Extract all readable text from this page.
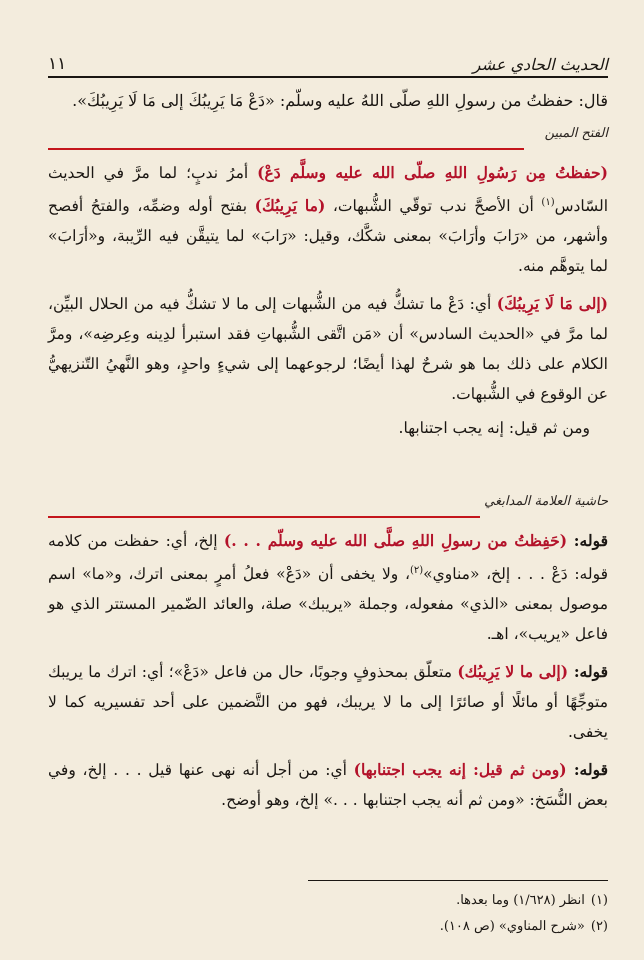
الحديث الحادي عشر
١١
قال: حفظتُ من رسولِ اللهِ صلّى اللهُ عليه وسلّم: «دَعْ مَا يَرِيبُكَ إلى مَا لَا يَرِيبُكَ».
الفتح المبين
(حفظتُ مِن رَسُولِ اللهِ صلّى الله عليه وسلَّم دَعْ) أمرُ ندبٍ؛ لما مرَّ في الحديث السّادس$^{(١)}$ أن الأصحَّ ندب توقّي الشُّبهات، (ما يَرِيبُكَ) بفتح أوله وضمِّه، والفتحُ أفصح وأشهر، من «رَابَ وأرَابَ» بمعنى شكَّك، وقيل: «رَابَ» لما يتيقَّن فيه الرِّيبة، و«أرَابَ» لما يتوهَّم منه.
(إلى مَا لَا يَرِيبُكَ) أي: دَعْ ما تشكُّ فيه من الشُّبهات إلى ما لا تشكُّ فيه من الحلال البيِّن، لما مرَّ في «الحديث السادس» أن «مَن اتَّقى الشُّبهاتِ فقد استبرأ لدِينه وعِرضِه»، ومرَّ الكلام على ذلك بما هو شرحٌ لهذا أيضًا؛ لرجوعهما إلى شيءٍ واحدٍ، وهو النَّهيُ التّنزيهيُّ عن الوقوع في الشُّبهات.
ومن ثم قيل: إنه يجب اجتنابها.
حاشية العلامة المدابغي
قوله: (حَفِظتُ من رسولِ اللهِ صلَّى الله عليه وسلّم . . .) إلخ، أي: حفظت من كلامه قوله: دَعْ . . . إلخ، «مناوي»$^{(٢)}$، ولا يخفى أن «دَعْ» فعلُ أمرٍ بمعنى اترك، و«ما» اسم موصول بمعنى «الذي» مفعوله، وجملة «يريبك» صلة، والعائد الضّمير المستتر الذي هو فاعل «يريب»، اهـ.
قوله: (إلى ما لا يَرِيبُك) متعلّق بمحذوفٍ وجوبًا، حال من فاعل «دَعْ»؛ أي: اترك ما يريبك متوجِّهًا أو مائلًا أو صائرًا إلى ما لا يريبك، فهو من التَّضمين على أحد تفسيريه كما لا يخفى.
قوله: (ومن ثم قيل: إنه يجب اجتنابها) أي: من أجل أنه نهى عنها قيل . . . إلخ، وفي بعض النُّسَخ: «ومن ثم أنه يجب اجتنابها . . .» إلخ، وهو أوضح.
(١)انظر (١/٦٢٨) وما بعدها.
(٢)«شرح المناوي» (ص ١٠٨).
